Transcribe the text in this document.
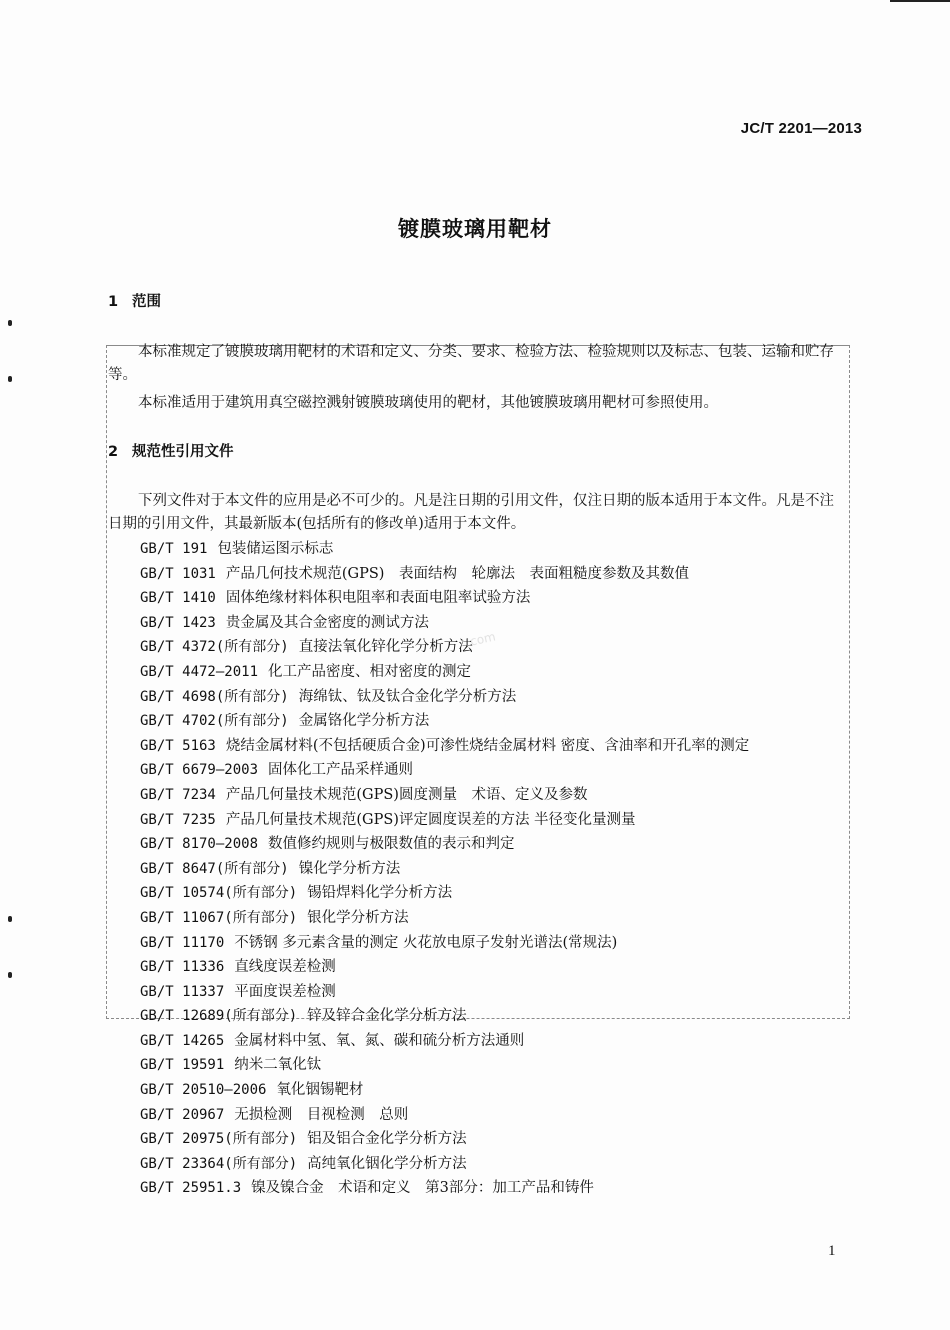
JC/T 2201—2013
镀膜玻璃用靶材
1 范围
本标准规定了镀膜玻璃用靶材的术语和定义、分类、要求、检验方法、检验规则以及标志、包装、运输和贮存等。
本标准适用于建筑用真空磁控溅射镀膜玻璃使用的靶材，其他镀膜玻璃用靶材可参照使用。
2 规范性引用文件
下列文件对于本文件的应用是必不可少的。凡是注日期的引用文件，仅注日期的版本适用于本文件。凡是不注日期的引用文件，其最新版本(包括所有的修改单)适用于本文件。
GB/T 191 包装储运图示标志
GB/T 1031 产品几何技术规范(GPS)　表面结构　轮廓法　表面粗糙度参数及其数值
GB/T 1410 固体绝缘材料体积电阻率和表面电阻率试验方法
GB/T 1423 贵金属及其合金密度的测试方法
GB/T 4372(所有部分) 直接法氧化锌化学分析方法
GB/T 4472—2011 化工产品密度、相对密度的测定
GB/T 4698(所有部分) 海绵钛、钛及钛合金化学分析方法
GB/T 4702(所有部分) 金属铬化学分析方法
GB/T 5163 烧结金属材料(不包括硬质合金)可渗性烧结金属材料 密度、含油率和开孔率的测定
GB/T 6679—2003 固体化工产品采样通则
GB/T 7234 产品几何量技术规范(GPS)圆度测量　术语、定义及参数
GB/T 7235 产品几何量技术规范(GPS)评定圆度误差的方法 半径变化量测量
GB/T 8170—2008 数值修约规则与极限数值的表示和判定
GB/T 8647(所有部分) 镍化学分析方法
GB/T 10574(所有部分) 锡铅焊料化学分析方法
GB/T 11067(所有部分) 银化学分析方法
GB/T 11170 不锈钢 多元素含量的测定 火花放电原子发射光谱法(常规法)
GB/T 11336 直线度误差检测
GB/T 11337 平面度误差检测
GB/T 12689(所有部分) 锌及锌合金化学分析方法
GB/T 14265 金属材料中氢、氧、氮、碳和硫分析方法通则
GB/T 19591 纳米二氧化钛
GB/T 20510—2006 氧化铟锡靶材
GB/T 20967 无损检测　目视检测　总则
GB/T 20975(所有部分) 铝及铝合金化学分析方法
GB/T 23364(所有部分) 高纯氧化铟化学分析方法
GB/T 25951.3 镍及镍合金　术语和定义　第3部分：加工产品和铸件
com
1
